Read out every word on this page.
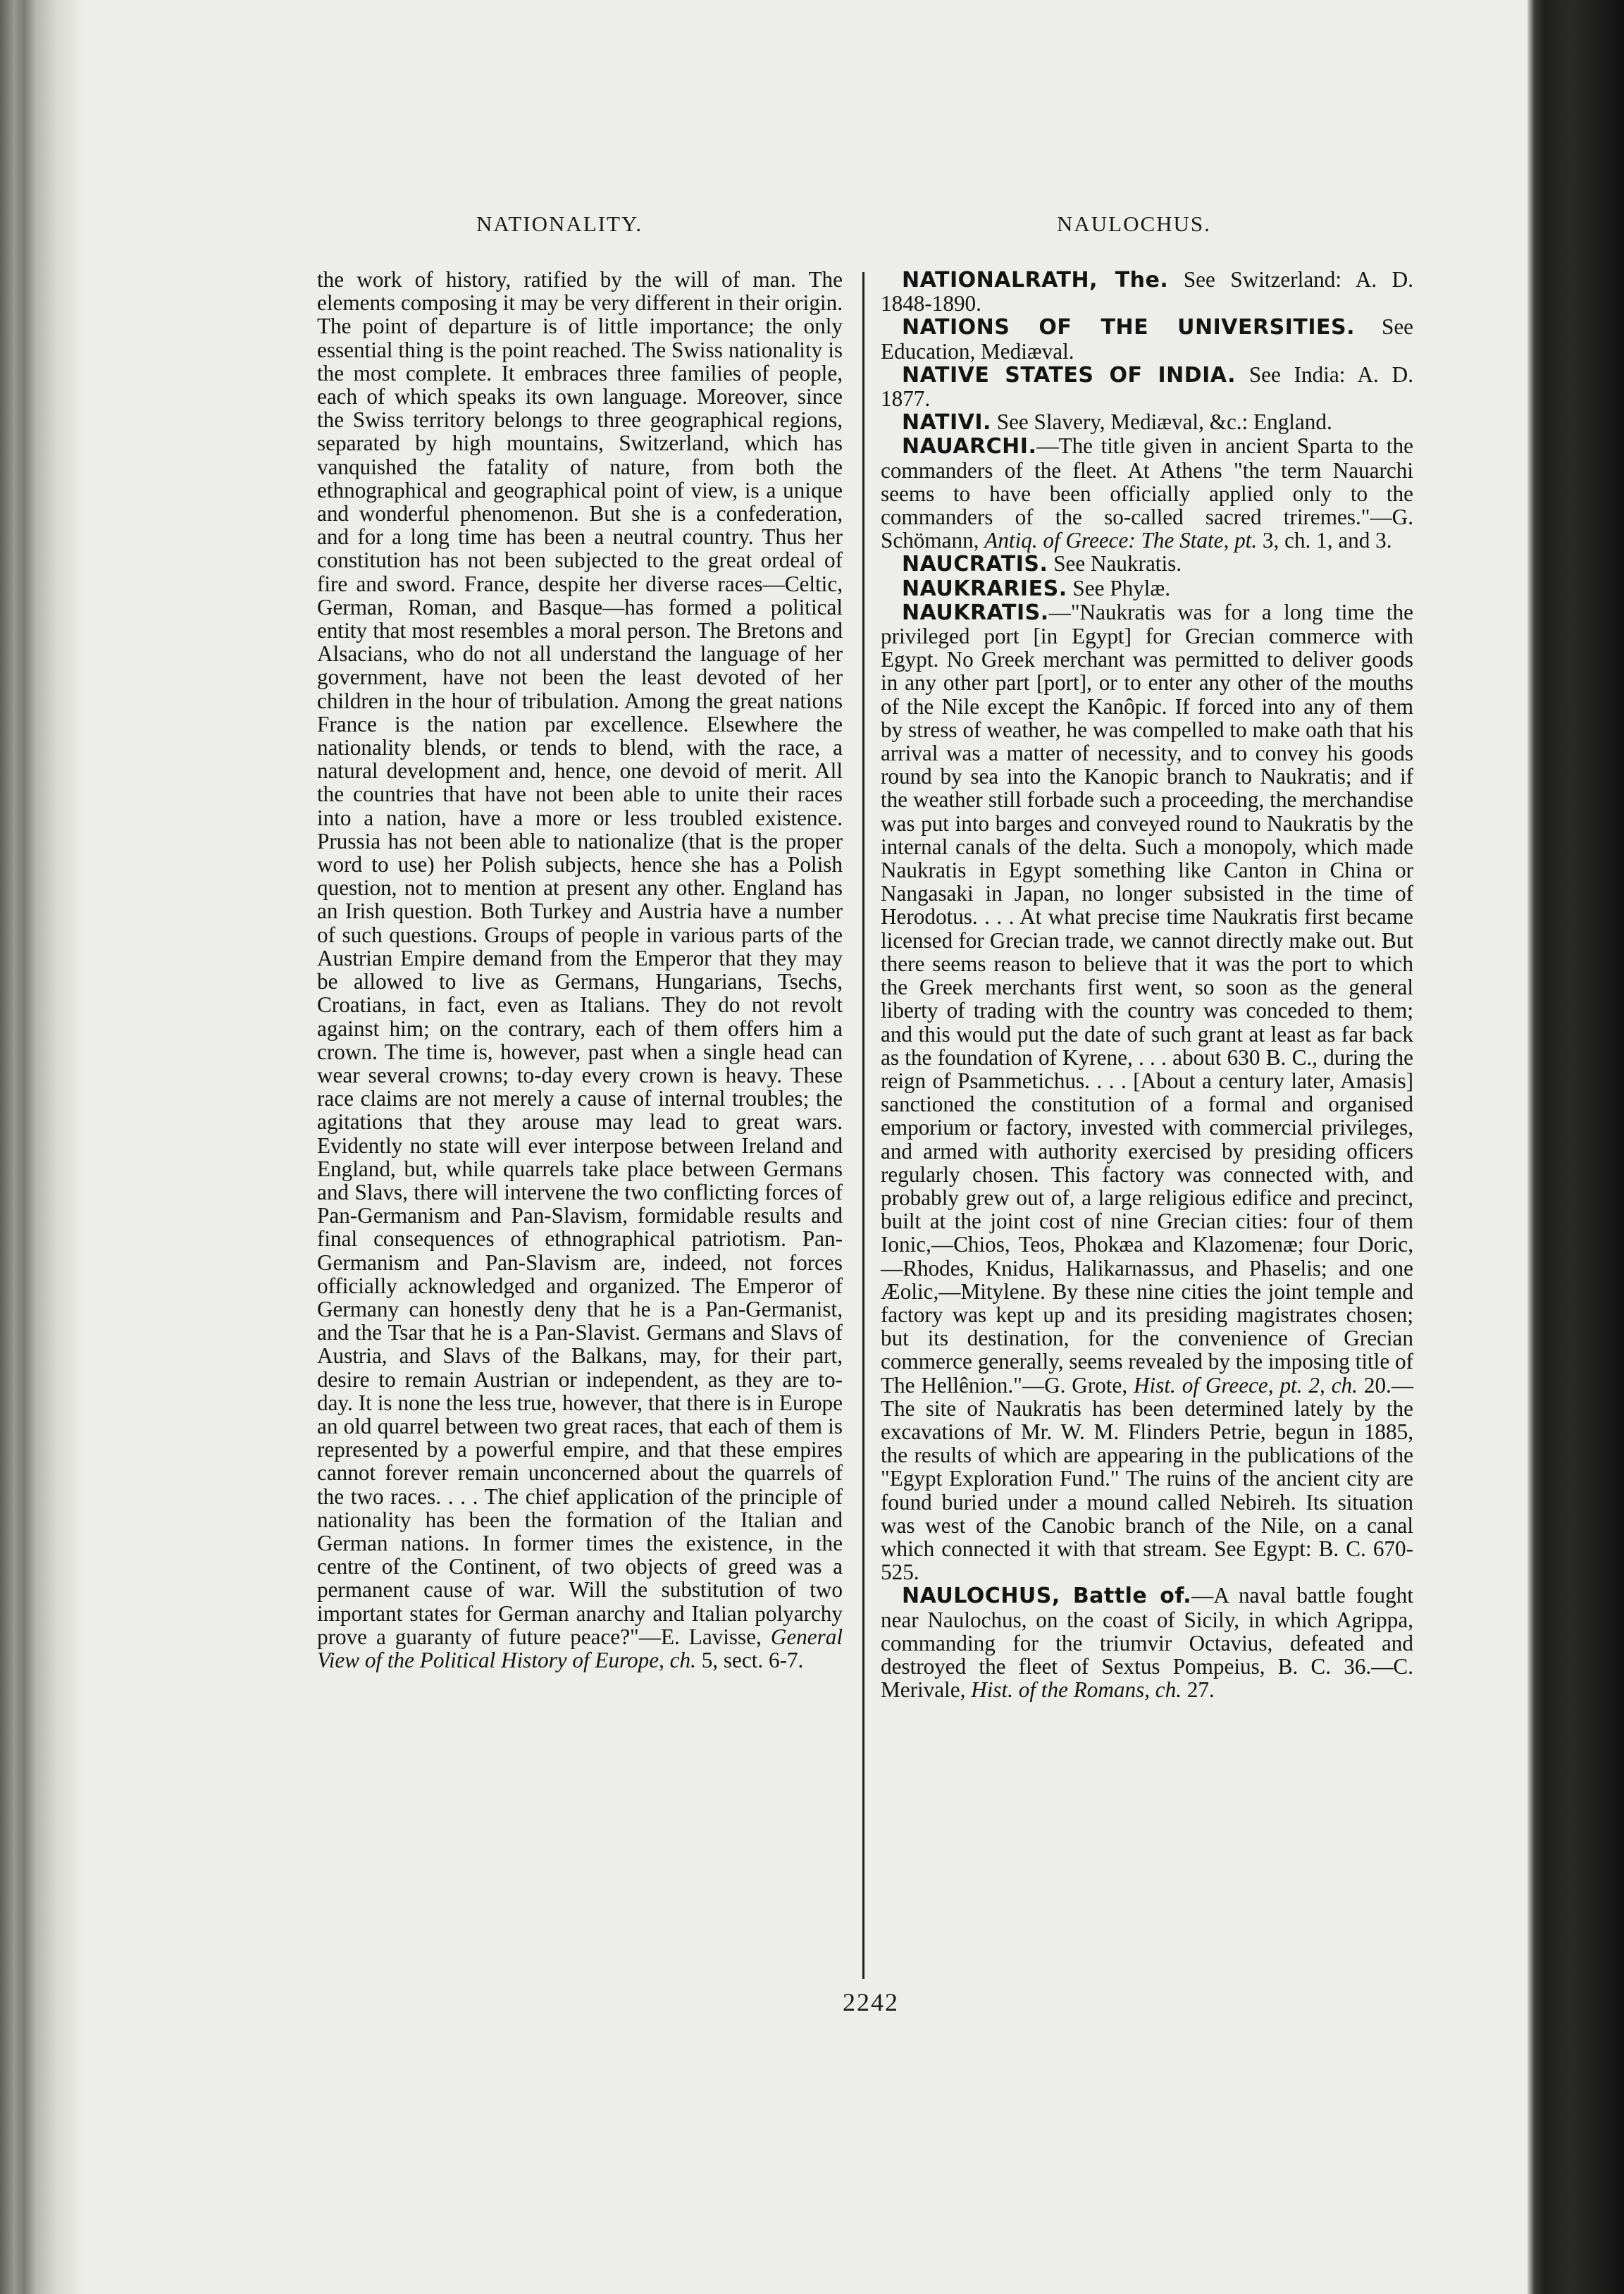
NATIONALITY.	NAULOCHUS.

the work of history, ratified by the will of man. The elements composing it may be very different in their origin. The point of departure is of little importance; the only essential thing is the point reached. The Swiss nationality is the most complete. It embraces three families of people, each of which speaks its own language. Moreover, since the Swiss territory belongs to three geographical regions, separated by high mountains, Switzerland, which has vanquished the fatality of nature, from both the ethnographical and geographical point of view, is a unique and wonderful phenomenon. But she is a confederation, and for a long time has been a neutral country. Thus her constitution has not been subjected to the great ordeal of fire and sword. France, despite her diverse races—Celtic, German, Roman, and Basque—has formed a political entity that most resembles a moral person. The Bretons and Alsacians, who do not all understand the language of her government, have not been the least devoted of her children in the hour of tribulation. Among the great nations France is the nation par excellence. Elsewhere the nationality blends, or tends to blend, with the race, a natural development and, hence, one devoid of merit. All the countries that have not been able to unite their races into a nation, have a more or less troubled existence. Prussia has not been able to nationalize (that is the proper word to use) her Polish subjects, hence she has a Polish question, not to mention at present any other. England has an Irish question. Both Turkey and Austria have a number of such questions. Groups of people in various parts of the Austrian Empire demand from the Emperor that they may be allowed to live as Germans, Hungarians, Tsechs, Croatians, in fact, even as Italians. They do not revolt against him; on the contrary, each of them offers him a crown. The time is, however, past when a single head can wear several crowns; to-day every crown is heavy. These race claims are not merely a cause of internal troubles; the agitations that they arouse may lead to great wars. Evidently no state will ever interpose between Ireland and England, but, while quarrels take place between Germans and Slavs, there will intervene the two conflicting forces of Pan-Germanism and Pan-Slavism, formidable results and final consequences of ethnographical patriotism. Pan-Germanism and Pan-Slavism are, indeed, not forces officially acknowledged and organized. The Emperor of Germany can honestly deny that he is a Pan-Germanist, and the Tsar that he is a Pan-Slavist. Germans and Slavs of Austria, and Slavs of the Balkans, may, for their part, desire to remain Austrian or independent, as they are to-day. It is none the less true, however, that there is in Europe an old quarrel between two great races, that each of them is represented by a powerful empire, and that these empires cannot forever remain unconcerned about the quarrels of the two races. . . . The chief application of the principle of nationality has been the formation of the Italian and German nations. In former times the existence, in the centre of the Continent, of two objects of greed was a permanent cause of war. Will the substitution of two important states for German anarchy and Italian polyarchy prove a guaranty of future peace?"—E. Lavisse, General View of the Political History of Europe, ch. 5, sect. 6-7.

NATIONALRATH, The. See Switzerland: A. D. 1848-1890.

NATIONS OF THE UNIVERSITIES. See Education, Mediæval.

NATIVE STATES OF INDIA. See India: A. D. 1877.

NATIVI. See Slavery, Mediæval, &c.: England.

NAUARCHI.—The title given in ancient Sparta to the commanders of the fleet. At Athens "the term Nauarchi seems to have been officially applied only to the commanders of the so-called sacred triremes."—G. Schömann, Antiq. of Greece: The State, pt. 3, ch. 1, and 3.

NAUCRATIS. See Naukratis.

NAUKRARIES. See Phylæ.

NAUKRATIS.—"Naukratis was for a long time the privileged port [in Egypt] for Grecian commerce with Egypt. No Greek merchant was permitted to deliver goods in any other part [port], or to enter any other of the mouths of the Nile except the Kanôpic. If forced into any of them by stress of weather, he was compelled to make oath that his arrival was a matter of necessity, and to convey his goods round by sea into the Kanopic branch to Naukratis; and if the weather still forbade such a proceeding, the merchandise was put into barges and conveyed round to Naukratis by the internal canals of the delta. Such a monopoly, which made Naukratis in Egypt something like Canton in China or Nangasaki in Japan, no longer subsisted in the time of Herodotus. . . . At what precise time Naukratis first became licensed for Grecian trade, we cannot directly make out. But there seems reason to believe that it was the port to which the Greek merchants first went, so soon as the general liberty of trading with the country was conceded to them; and this would put the date of such grant at least as far back as the foundation of Kyrene, . . . about 630 B. C., during the reign of Psammetichus. . . . [About a century later, Amasis] sanctioned the constitution of a formal and organised emporium or factory, invested with commercial privileges, and armed with authority exercised by presiding officers regularly chosen. This factory was connected with, and probably grew out of, a large religious edifice and precinct, built at the joint cost of nine Grecian cities: four of them Ionic,—Chios, Teos, Phokæa and Klazomenæ; four Doric,—Rhodes, Knidus, Halikarnassus, and Phaselis; and one Æolic,—Mitylene. By these nine cities the joint temple and factory was kept up and its presiding magistrates chosen; but its destination, for the convenience of Grecian commerce generally, seems revealed by the imposing title of The Hellênion."—G. Grote, Hist. of Greece, pt. 2, ch. 20.—The site of Naukratis has been determined lately by the excavations of Mr. W. M. Flinders Petrie, begun in 1885, the results of which are appearing in the publications of the "Egypt Exploration Fund." The ruins of the ancient city are found buried under a mound called Nebireh. Its situation was west of the Canobic branch of the Nile, on a canal which connected it with that stream. See Egypt: B. C. 670-525.

NAULOCHUS, Battle of.—A naval battle fought near Naulochus, on the coast of Sicily, in which Agrippa, commanding for the triumvir Octavius, defeated and destroyed the fleet of Sextus Pompeius, B. C. 36.—C. Merivale, Hist. of the Romans, ch. 27.

2242
